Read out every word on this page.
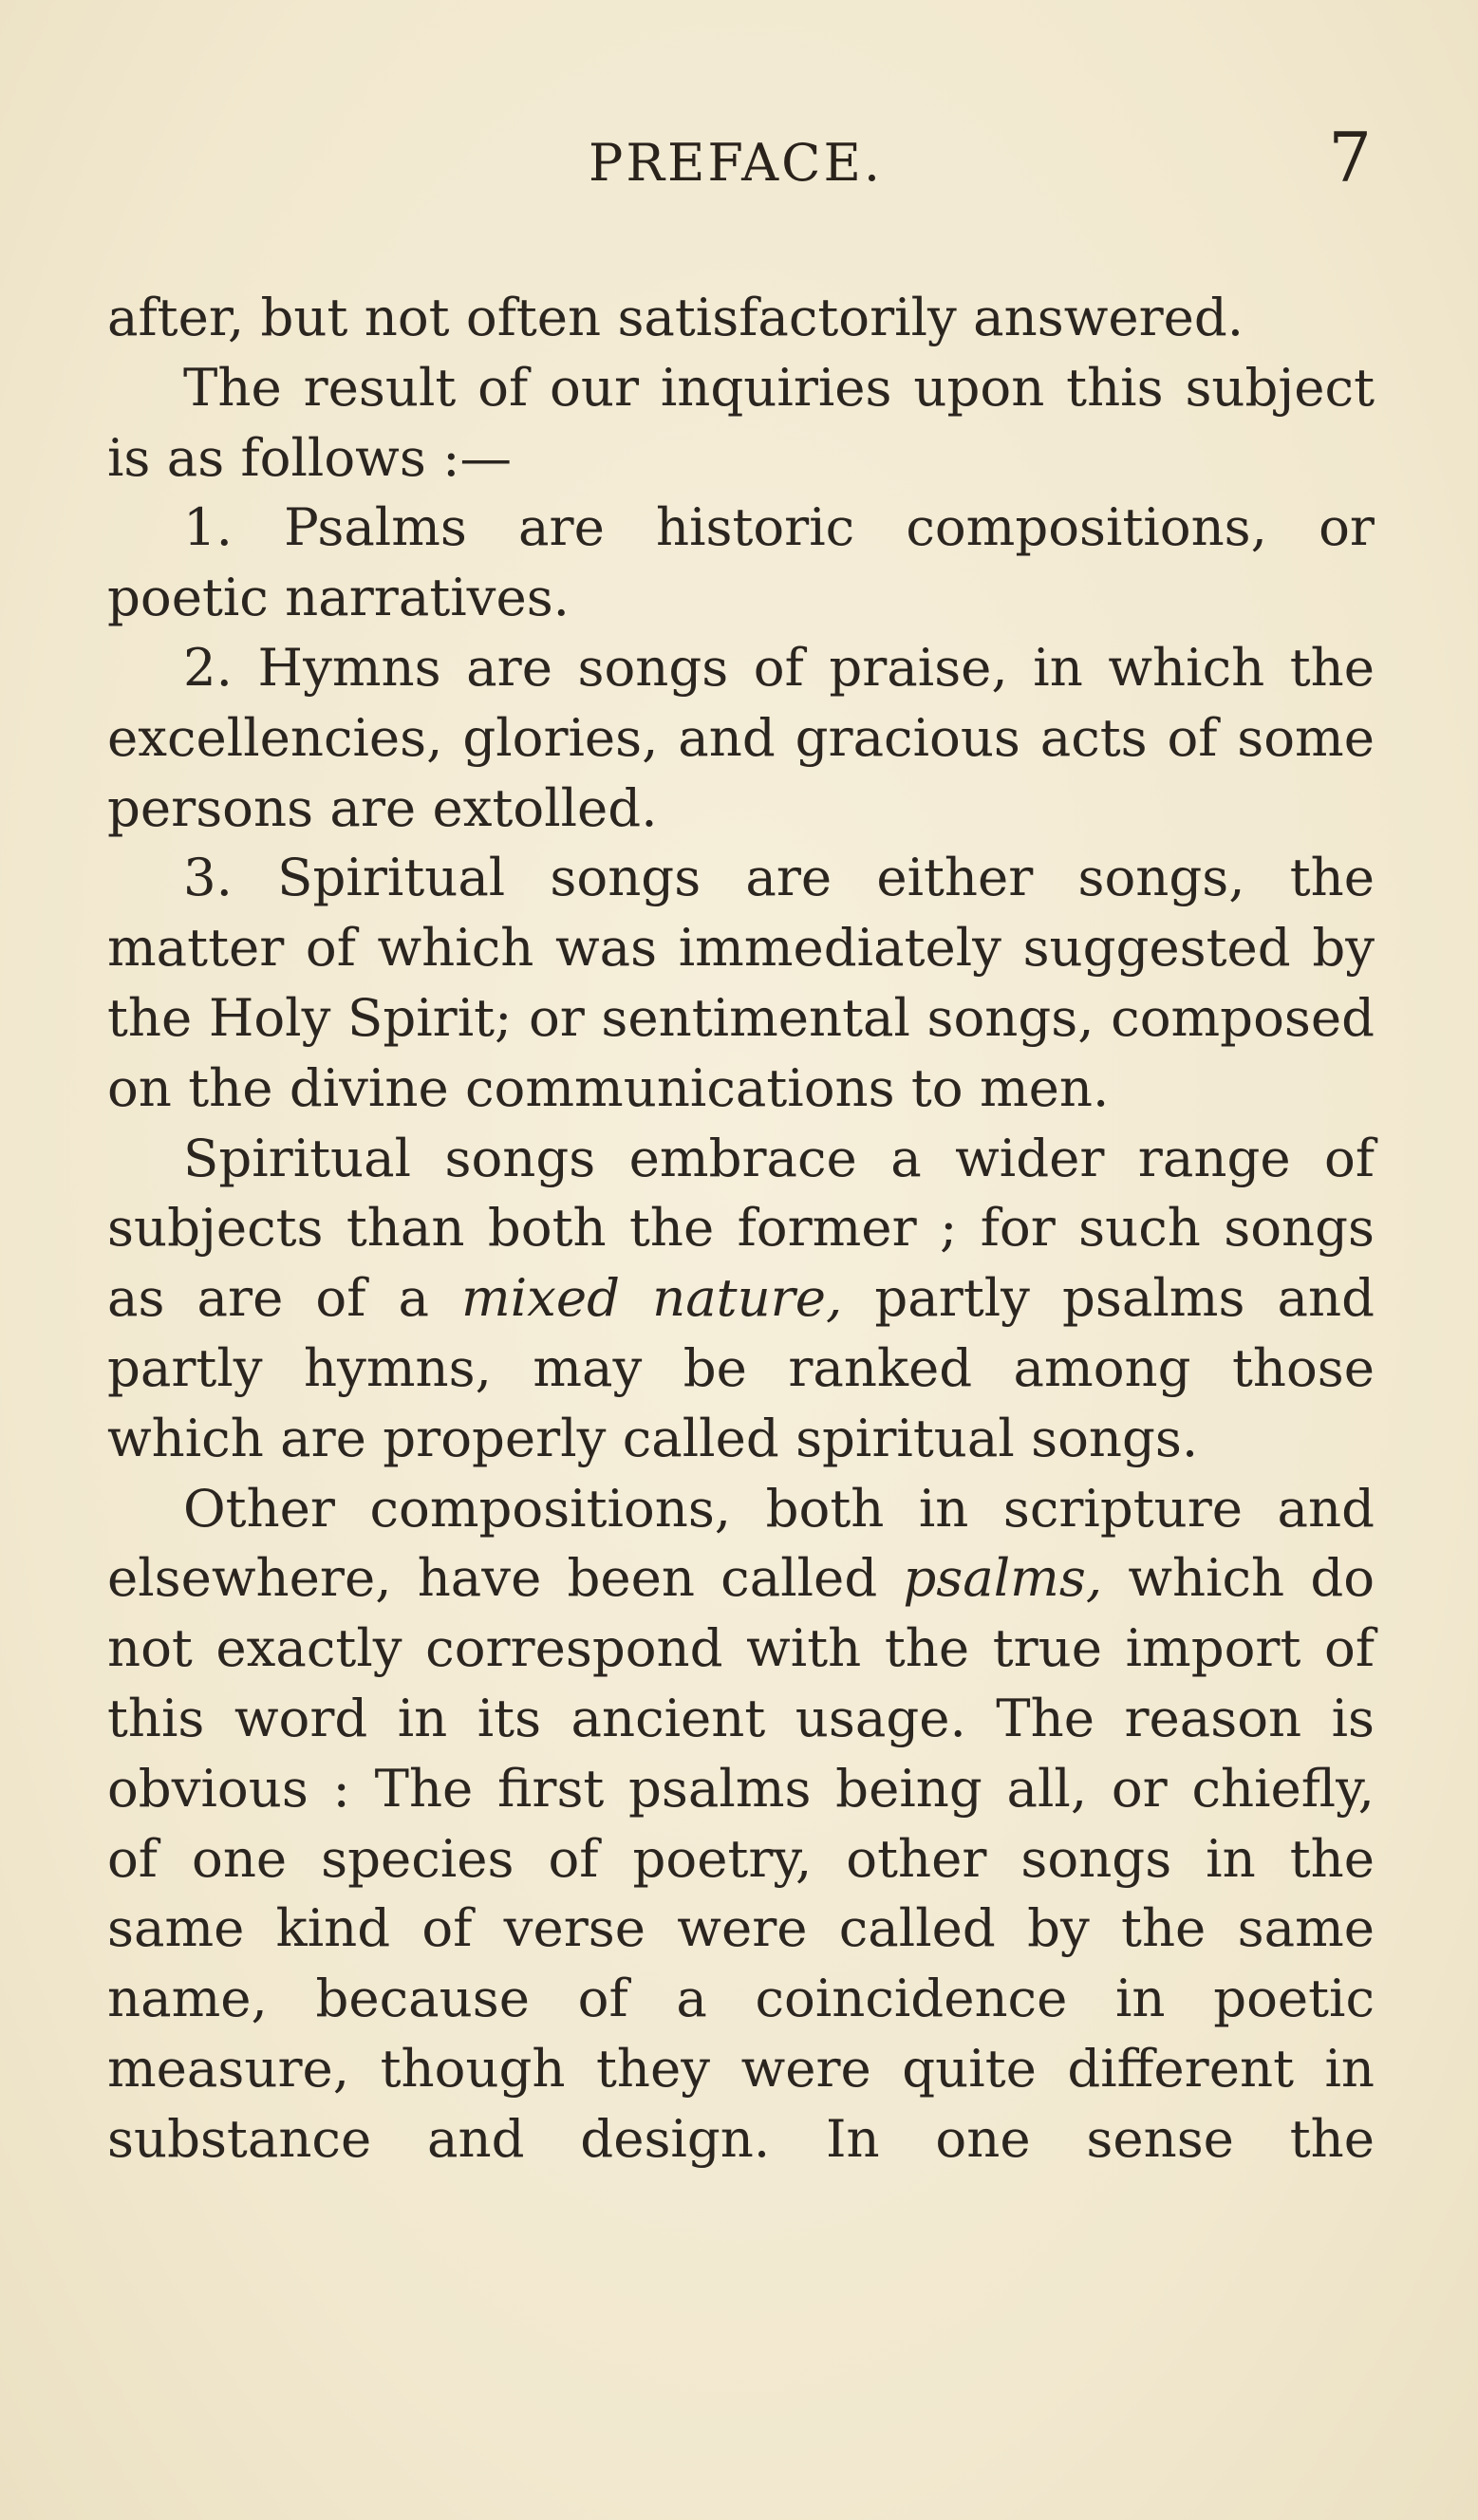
PREFACE.	7

after, but not often satisfactorily answered.

The result of our inquiries upon this subject is as follows :—

1. Psalms are historic compositions, or poetic narratives.

2. Hymns are songs of praise, in which the excellencies, glories, and gracious acts of some persons are extolled.

3. Spiritual songs are either songs, the matter of which was immediately suggested by the Holy Spirit; or sentimental songs, composed on the divine communications to men.

Spiritual songs embrace a wider range of subjects than both the former ; for such songs as are of a mixed nature, partly psalms and partly hymns, may be ranked among those which are properly called spiritual songs.

Other compositions, both in scripture and elsewhere, have been called psalms, which do not exactly correspond with the true import of this word in its ancient usage. The reason is obvious : The first psalms being all, or chiefly, of one species of poetry, other songs in the same kind of verse were called by the same name, because of a coincidence in poetic measure, though they were quite different in substance and design. In one sense the
